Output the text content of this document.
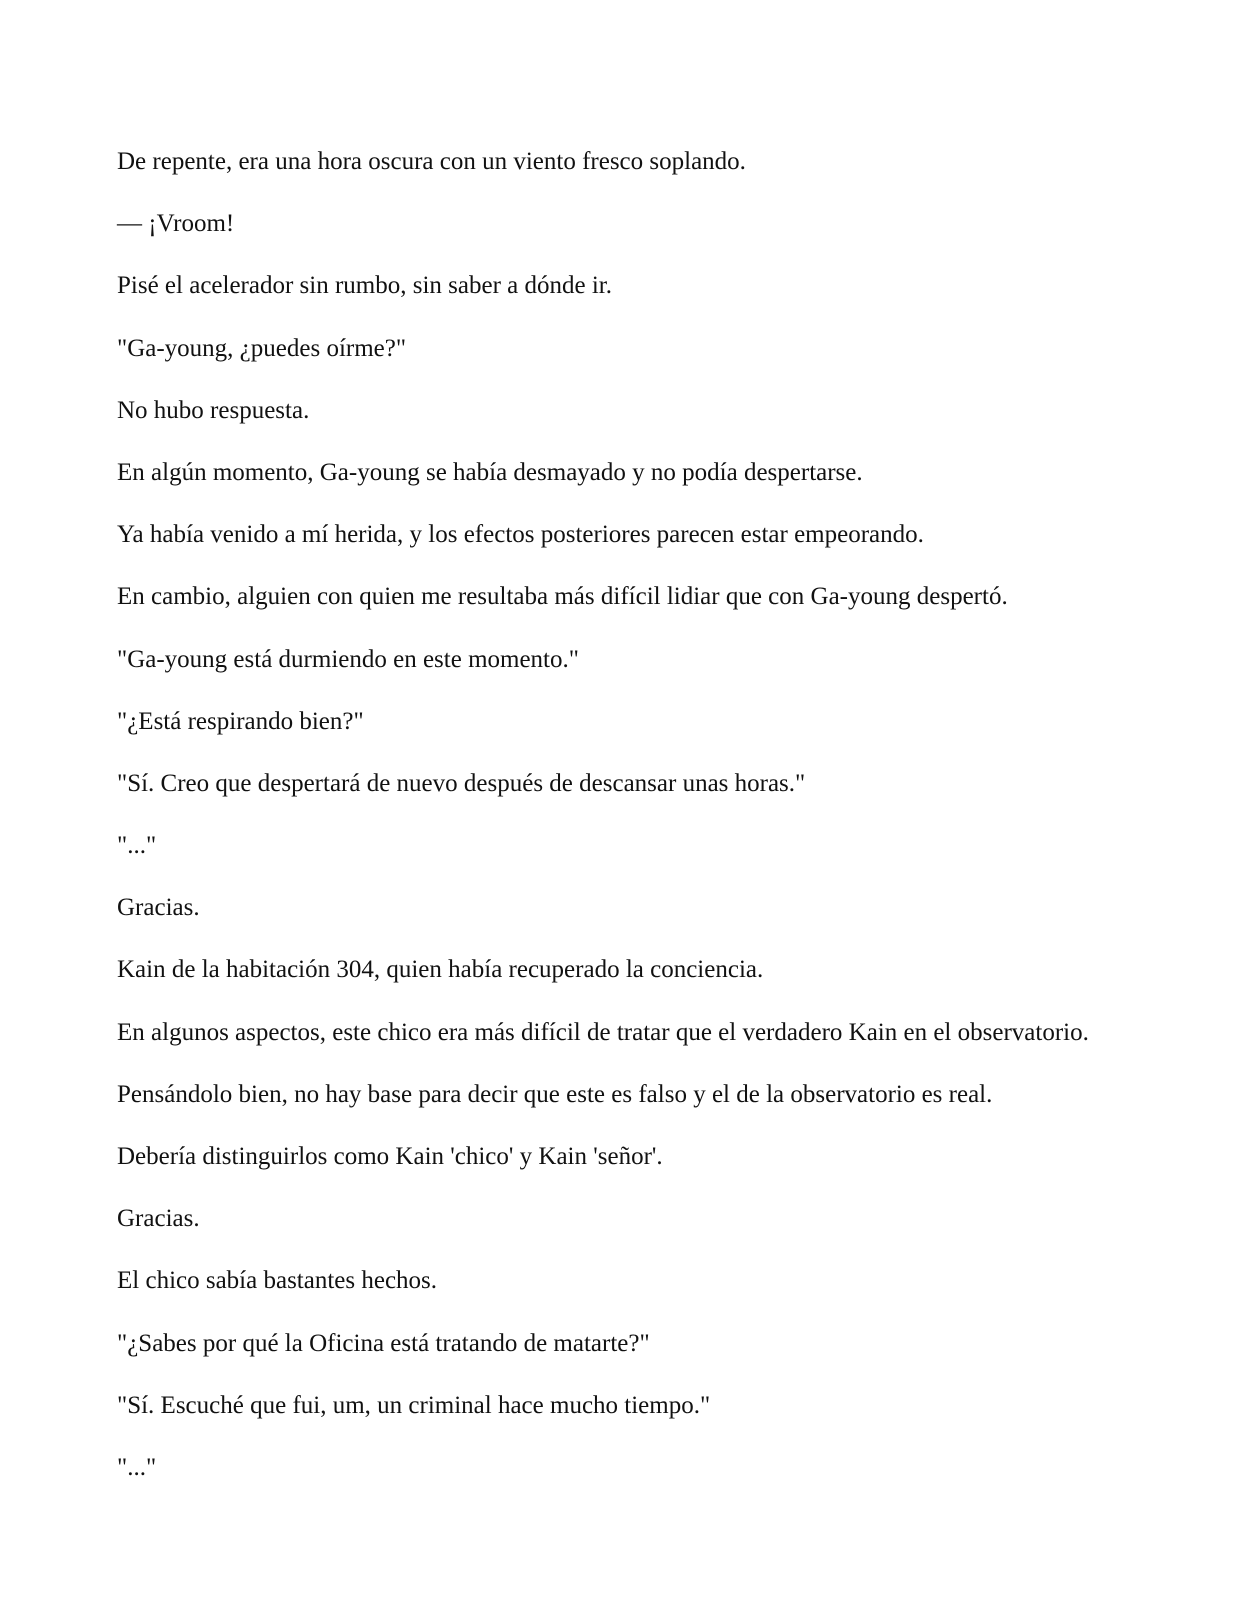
De repente, era una hora oscura con un viento fresco soplando.

— ¡Vroom!

Pisé el acelerador sin rumbo, sin saber a dónde ir.

"Ga-young, ¿puedes oírme?"

No hubo respuesta.

En algún momento, Ga-young se había desmayado y no podía despertarse.

Ya había venido a mí herida, y los efectos posteriores parecen estar empeorando.

En cambio, alguien con quien me resultaba más difícil lidiar que con Ga-young despertó.

"Ga-young está durmiendo en este momento."

"¿Está respirando bien?"

"Sí. Creo que despertará de nuevo después de descansar unas horas."

"..."

Gracias.

Kain de la habitación 304, quien había recuperado la conciencia.

En algunos aspectos, este chico era más difícil de tratar que el verdadero Kain en el observatorio.

Pensándolo bien, no hay base para decir que este es falso y el de la observatorio es real.

Debería distinguirlos como Kain 'chico' y Kain 'señor'.

Gracias.

El chico sabía bastantes hechos.

"¿Sabes por qué la Oficina está tratando de matarte?"

"Sí. Escuché que fui, um, un criminal hace mucho tiempo."

"..."
